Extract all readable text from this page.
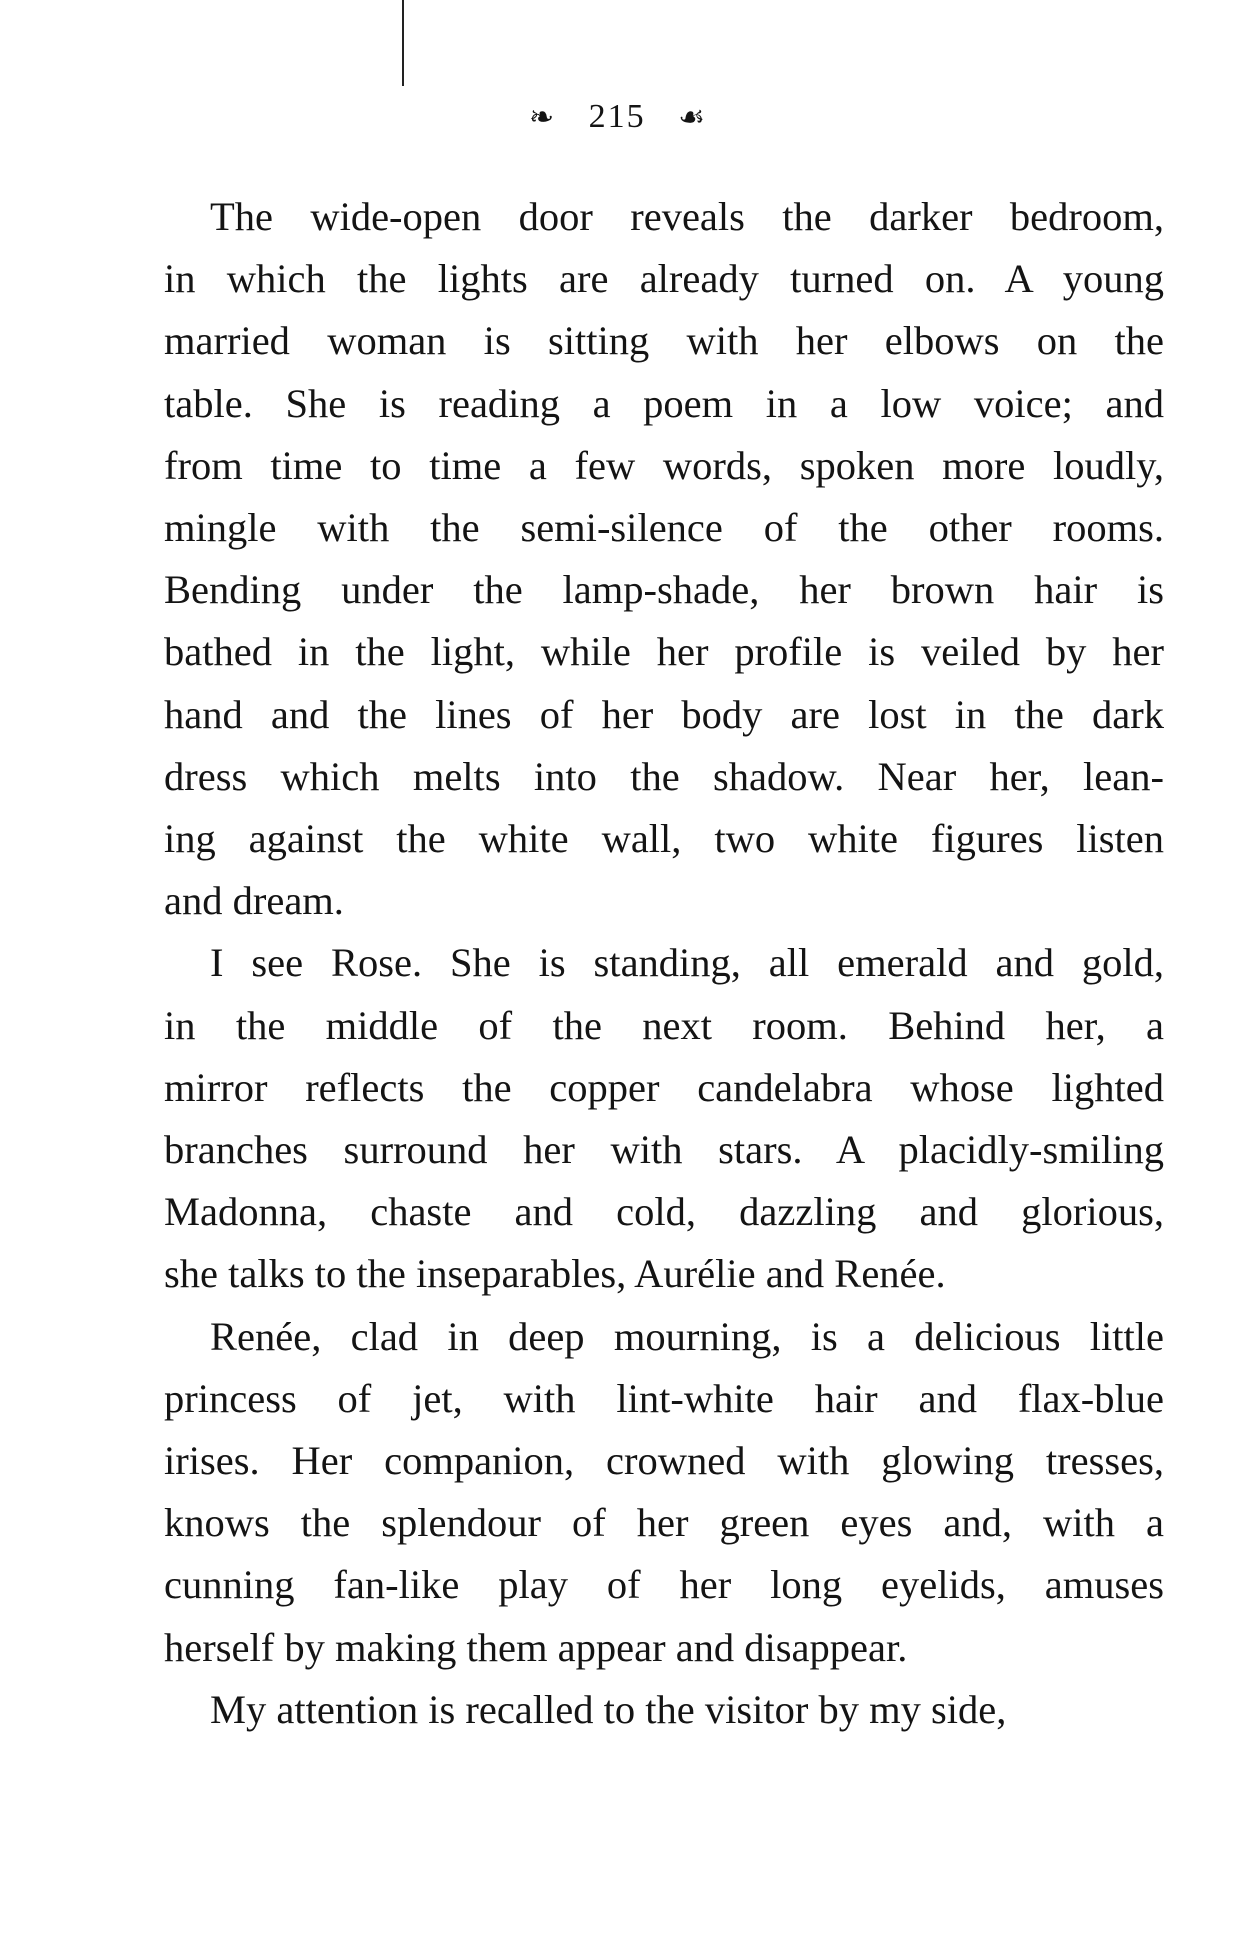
❧ 215 ☙
The wide-open door reveals the darker bedroom,
in which the lights are already turned on. A young
married woman is sitting with her elbows on the
table. She is reading a poem in a low voice; and
from time to time a few words, spoken more loudly,
mingle with the semi-silence of the other rooms.
Bending under the lamp-shade, her brown hair is
bathed in the light, while her profile is veiled by her
hand and the lines of her body are lost in the dark
dress which melts into the shadow. Near her, lean-
ing against the white wall, two white figures listen
and dream.
I see Rose. She is standing, all emerald and gold,
in the middle of the next room. Behind her, a
mirror reflects the copper candelabra whose lighted
branches surround her with stars. A placidly-smiling
Madonna, chaste and cold, dazzling and glorious,
she talks to the inseparables, Aurélie and Renée.
Renée, clad in deep mourning, is a delicious little
princess of jet, with lint-white hair and flax-blue
irises. Her companion, crowned with glowing tresses,
knows the splendour of her green eyes and, with a
cunning fan-like play of her long eyelids, amuses
herself by making them appear and disappear.
My attention is recalled to the visitor by my side,
